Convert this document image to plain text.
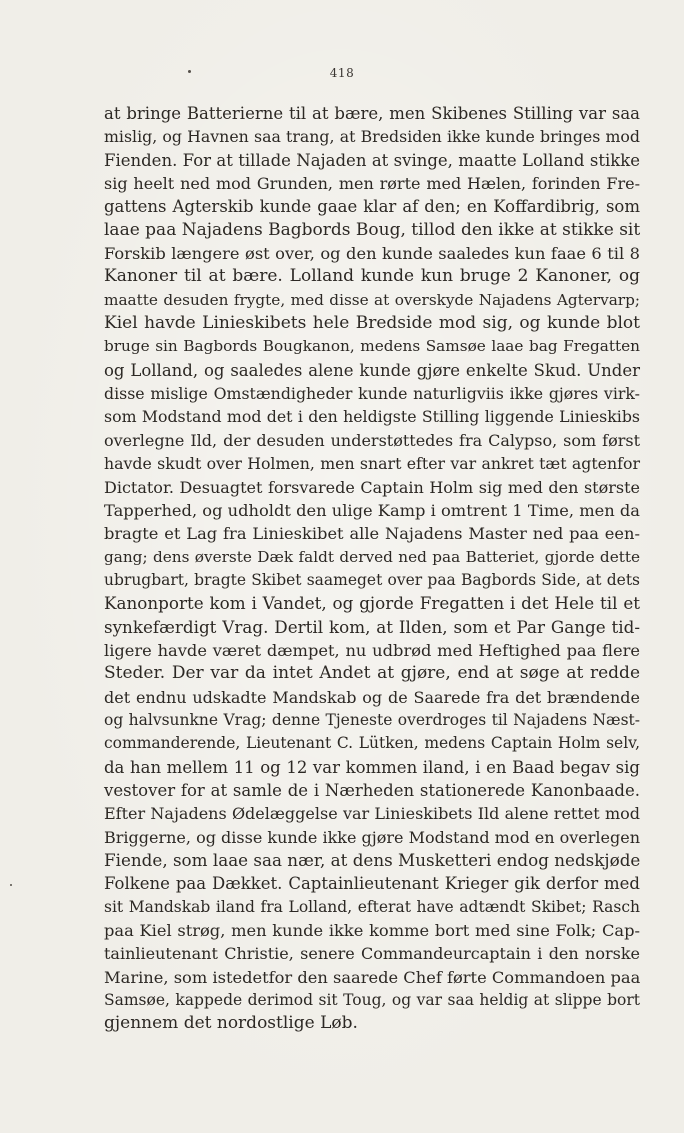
418
at bringe Batterierne til at bære, men Skibenes Stilling var saa
mislig, og Havnen saa trang, at Bredsiden ikke kunde bringes mod
Fienden. For at tillade Najaden at svinge, maatte Lolland stikke
sig heelt ned mod Grunden, men rørte med Hælen, forinden Fre-
gattens Agterskib kunde gaae klar af den; en Koffardibrig, som
laae paa Najadens Bagbords Boug, tillod den ikke at stikke sit
Forskib længere øst over, og den kunde saaledes kun faae 6 til 8
Kanoner til at bære. Lolland kunde kun bruge 2 Kanoner, og
maatte desuden frygte, med disse at overskyde Najadens Agtervarp;
Kiel havde Linieskibets hele Bredside mod sig, og kunde blot
bruge sin Bagbords Bougkanon, medens Samsøe laae bag Fregatten
og Lolland, og saaledes alene kunde gjøre enkelte Skud. Under
disse mislige Omstændigheder kunde naturligviis ikke gjøres virk-
som Modstand mod det i den heldigste Stilling liggende Linieskibs
overlegne Ild, der desuden understøttedes fra Calypso, som først
havde skudt over Holmen, men snart efter var ankret tæt agtenfor
Dictator. Desuagtet forsvarede Captain Holm sig med den største
Tapperhed, og udholdt den ulige Kamp i omtrent 1 Time, men da
bragte et Lag fra Linieskibet alle Najadens Master ned paa een-
gang; dens øverste Dæk faldt derved ned paa Batteriet, gjorde dette
ubrugbart, bragte Skibet saameget over paa Bagbords Side, at dets
Kanonporte kom i Vandet, og gjorde Fregatten i det Hele til et
synkefærdigt Vrag. Dertil kom, at Ilden, som et Par Gange tid-
ligere havde været dæmpet, nu udbrød med Heftighed paa flere
Steder. Der var da intet Andet at gjøre, end at søge at redde
det endnu udskadte Mandskab og de Saarede fra det brændende
og halvsunkne Vrag; denne Tjeneste overdroges til Najadens Næst-
commanderende, Lieutenant C. Lütken, medens Captain Holm selv,
da han mellem 11 og 12 var kommen iland, i en Baad begav sig
vestover for at samle de i Nærheden stationerede Kanonbaade.
Efter Najadens Ødelæggelse var Linieskibets Ild alene rettet mod
Briggerne, og disse kunde ikke gjøre Modstand mod en overlegen
Fiende, som laae saa nær, at dens Musketteri endog nedskjøde
Folkene paa Dækket. Captainlieutenant Krieger gik derfor med
sit Mandskab iland fra Lolland, efterat have adtændt Skibet; Rasch
paa Kiel strøg, men kunde ikke komme bort med sine Folk; Cap-
tainlieutenant Christie, senere Commandeurcaptain i den norske
Marine, som istedetfor den saarede Chef førte Commandoen paa
Samsøe, kappede derimod sit Toug, og var saa heldig at slippe bort
gjennem det nordostlige Løb.
